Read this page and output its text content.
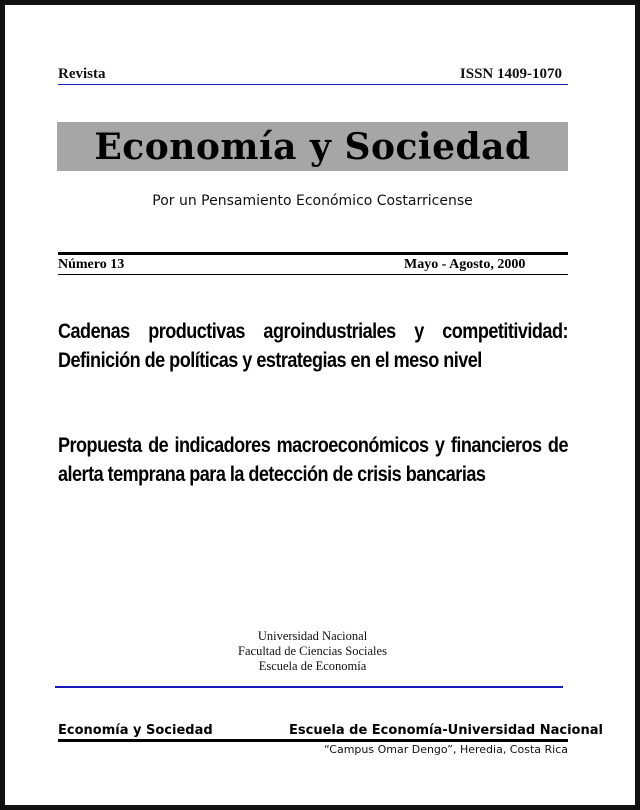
Revista	ISSN 1409-1070
Economía y Sociedad
Por un Pensamiento Económico Costarricense
Número 13	Mayo - Agosto, 2000
Cadenas productivas agroindustriales y competitividad: Definición de políticas y estrategias en el meso nivel
Propuesta de indicadores macroeconómicos y financieros de alerta temprana para la detección de crisis bancarias
Universidad Nacional
Facultad de Ciencias Sociales
Escuela de Economía
Economía y Sociedad	Escuela de Economía-Universidad Nacional
“Campus Omar Dengo”, Heredia, Costa Rica
